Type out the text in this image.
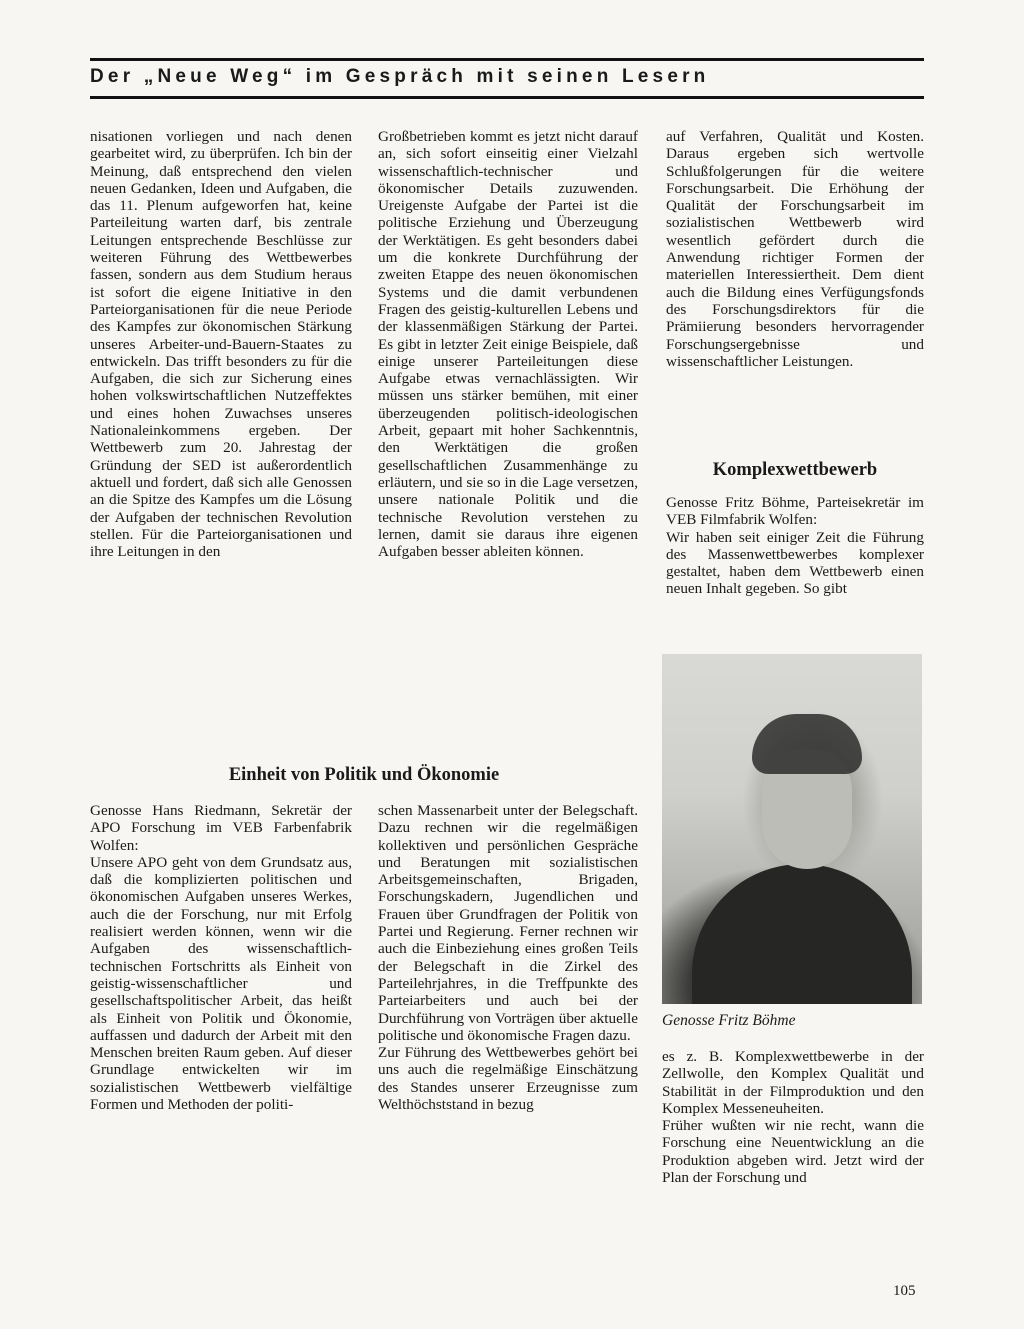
Der „Neue Weg“ im Gespräch mit seinen Lesern

nisationen vorliegen und nach denen gearbeitet wird, zu überprüfen. Ich bin der Meinung, daß entsprechend den vielen neuen Gedanken, Ideen und Aufgaben, die das 11. Plenum aufgeworfen hat, keine Parteileitung warten darf, bis zentrale Leitungen entsprechende Beschlüsse zur weiteren Führung des Wettbewerbes fassen, sondern aus dem Studium heraus ist sofort die eigene Initiative in den Parteiorganisationen für die neue Periode des Kampfes zur ökonomischen Stärkung unseres Arbeiter-und-Bauern-Staates zu entwickeln. Das trifft besonders zu für die Aufgaben, die sich zur Sicherung eines hohen volkswirtschaftlichen Nutzeffektes und eines hohen Zuwachses unseres Nationaleinkommens ergeben. Der Wettbewerb zum 20. Jahrestag der Gründung der SED ist außerordentlich aktuell und fordert, daß sich alle Genossen an die Spitze des Kampfes um die Lösung der Aufgaben der technischen Revolution stellen. Für die Parteiorganisationen und ihre Leitungen in den

Großbetrieben kommt es jetzt nicht darauf an, sich sofort einseitig einer Vielzahl wissenschaftlich-technischer und ökonomischer Details zuzuwenden. Ureigenste Aufgabe der Partei ist die politische Erziehung und Überzeugung der Werktätigen. Es geht besonders dabei um die konkrete Durchführung der zweiten Etappe des neuen ökonomischen Systems und die damit verbundenen Fragen des geistig-kulturellen Lebens und der klassenmäßigen Stärkung der Partei. Es gibt in letzter Zeit einige Beispiele, daß einige unserer Parteileitungen diese Aufgabe etwas vernachlässigten. Wir müssen uns stärker bemühen, mit einer überzeugenden politisch-ideologischen Arbeit, gepaart mit hoher Sachkenntnis, den Werktätigen die großen gesellschaftlichen Zusammenhänge zu erläutern, und sie so in die Lage versetzen, unsere nationale Politik und die technische Revolution verstehen zu lernen, damit sie daraus ihre eigenen Aufgaben besser ableiten können.

auf Verfahren, Qualität und Kosten. Daraus ergeben sich wertvolle Schlußfolgerungen für die weitere Forschungsarbeit. Die Erhöhung der Qualität der Forschungsarbeit im sozialistischen Wettbewerb wird wesentlich gefördert durch die Anwendung richtiger Formen der materiellen Interessiertheit. Dem dient auch die Bildung eines Verfügungsfonds des Forschungsdirektors für die Prämiierung besonders hervorragender Forschungsergebnisse und wissenschaftlicher Leistungen.

Komplexwettbewerb

Genosse Fritz Böhme, Parteisekretär im VEB Filmfabrik Wolfen:

Wir haben seit einiger Zeit die Führung des Massenwettbewerbes komplexer gestaltet, haben dem Wettbewerb einen neuen Inhalt gegeben. So gibt

Genosse Fritz Böhme
Einheit von Politik und Ökonomie

Genosse Hans Riedmann, Sekretär der APO Forschung im VEB Farbenfabrik Wolfen:

Unsere APO geht von dem Grundsatz aus, daß die komplizierten politischen und ökonomischen Aufgaben unseres Werkes, auch die der Forschung, nur mit Erfolg realisiert werden können, wenn wir die Aufgaben des wissenschaftlich-technischen Fortschritts als Einheit von geistig-wissenschaftlicher und gesellschaftspolitischer Arbeit, das heißt als Einheit von Politik und Ökonomie, auffassen und dadurch der Arbeit mit den Menschen breiten Raum geben. Auf dieser Grundlage entwickelten wir im sozialistischen Wettbewerb vielfältige Formen und Methoden der politi-

schen Massenarbeit unter der Belegschaft. Dazu rechnen wir die regelmäßigen kollektiven und persönlichen Gespräche und Beratungen mit sozialistischen Arbeitsgemeinschaften, Brigaden, Forschungskadern, Jugendlichen und Frauen über Grundfragen der Politik von Partei und Regierung. Ferner rechnen wir auch die Einbeziehung eines großen Teils der Belegschaft in die Zirkel des Parteilehrjahres, in die Treffpunkte des Parteiarbeiters und auch bei der Durchführung von Vorträgen über aktuelle politische und ökonomische Fragen dazu.

Zur Führung des Wettbewerbes gehört bei uns auch die regelmäßige Einschätzung des Standes unserer Erzeugnisse zum Welthöchststand in bezug

es z. B. Komplexwettbewerbe in der Zellwolle, den Komplex Qualität und Stabilität in der Filmproduktion und den Komplex Messeneuheiten.

Früher wußten wir nie recht, wann die Forschung eine Neuentwicklung an die Produktion abgeben wird. Jetzt wird der Plan der Forschung und

105
